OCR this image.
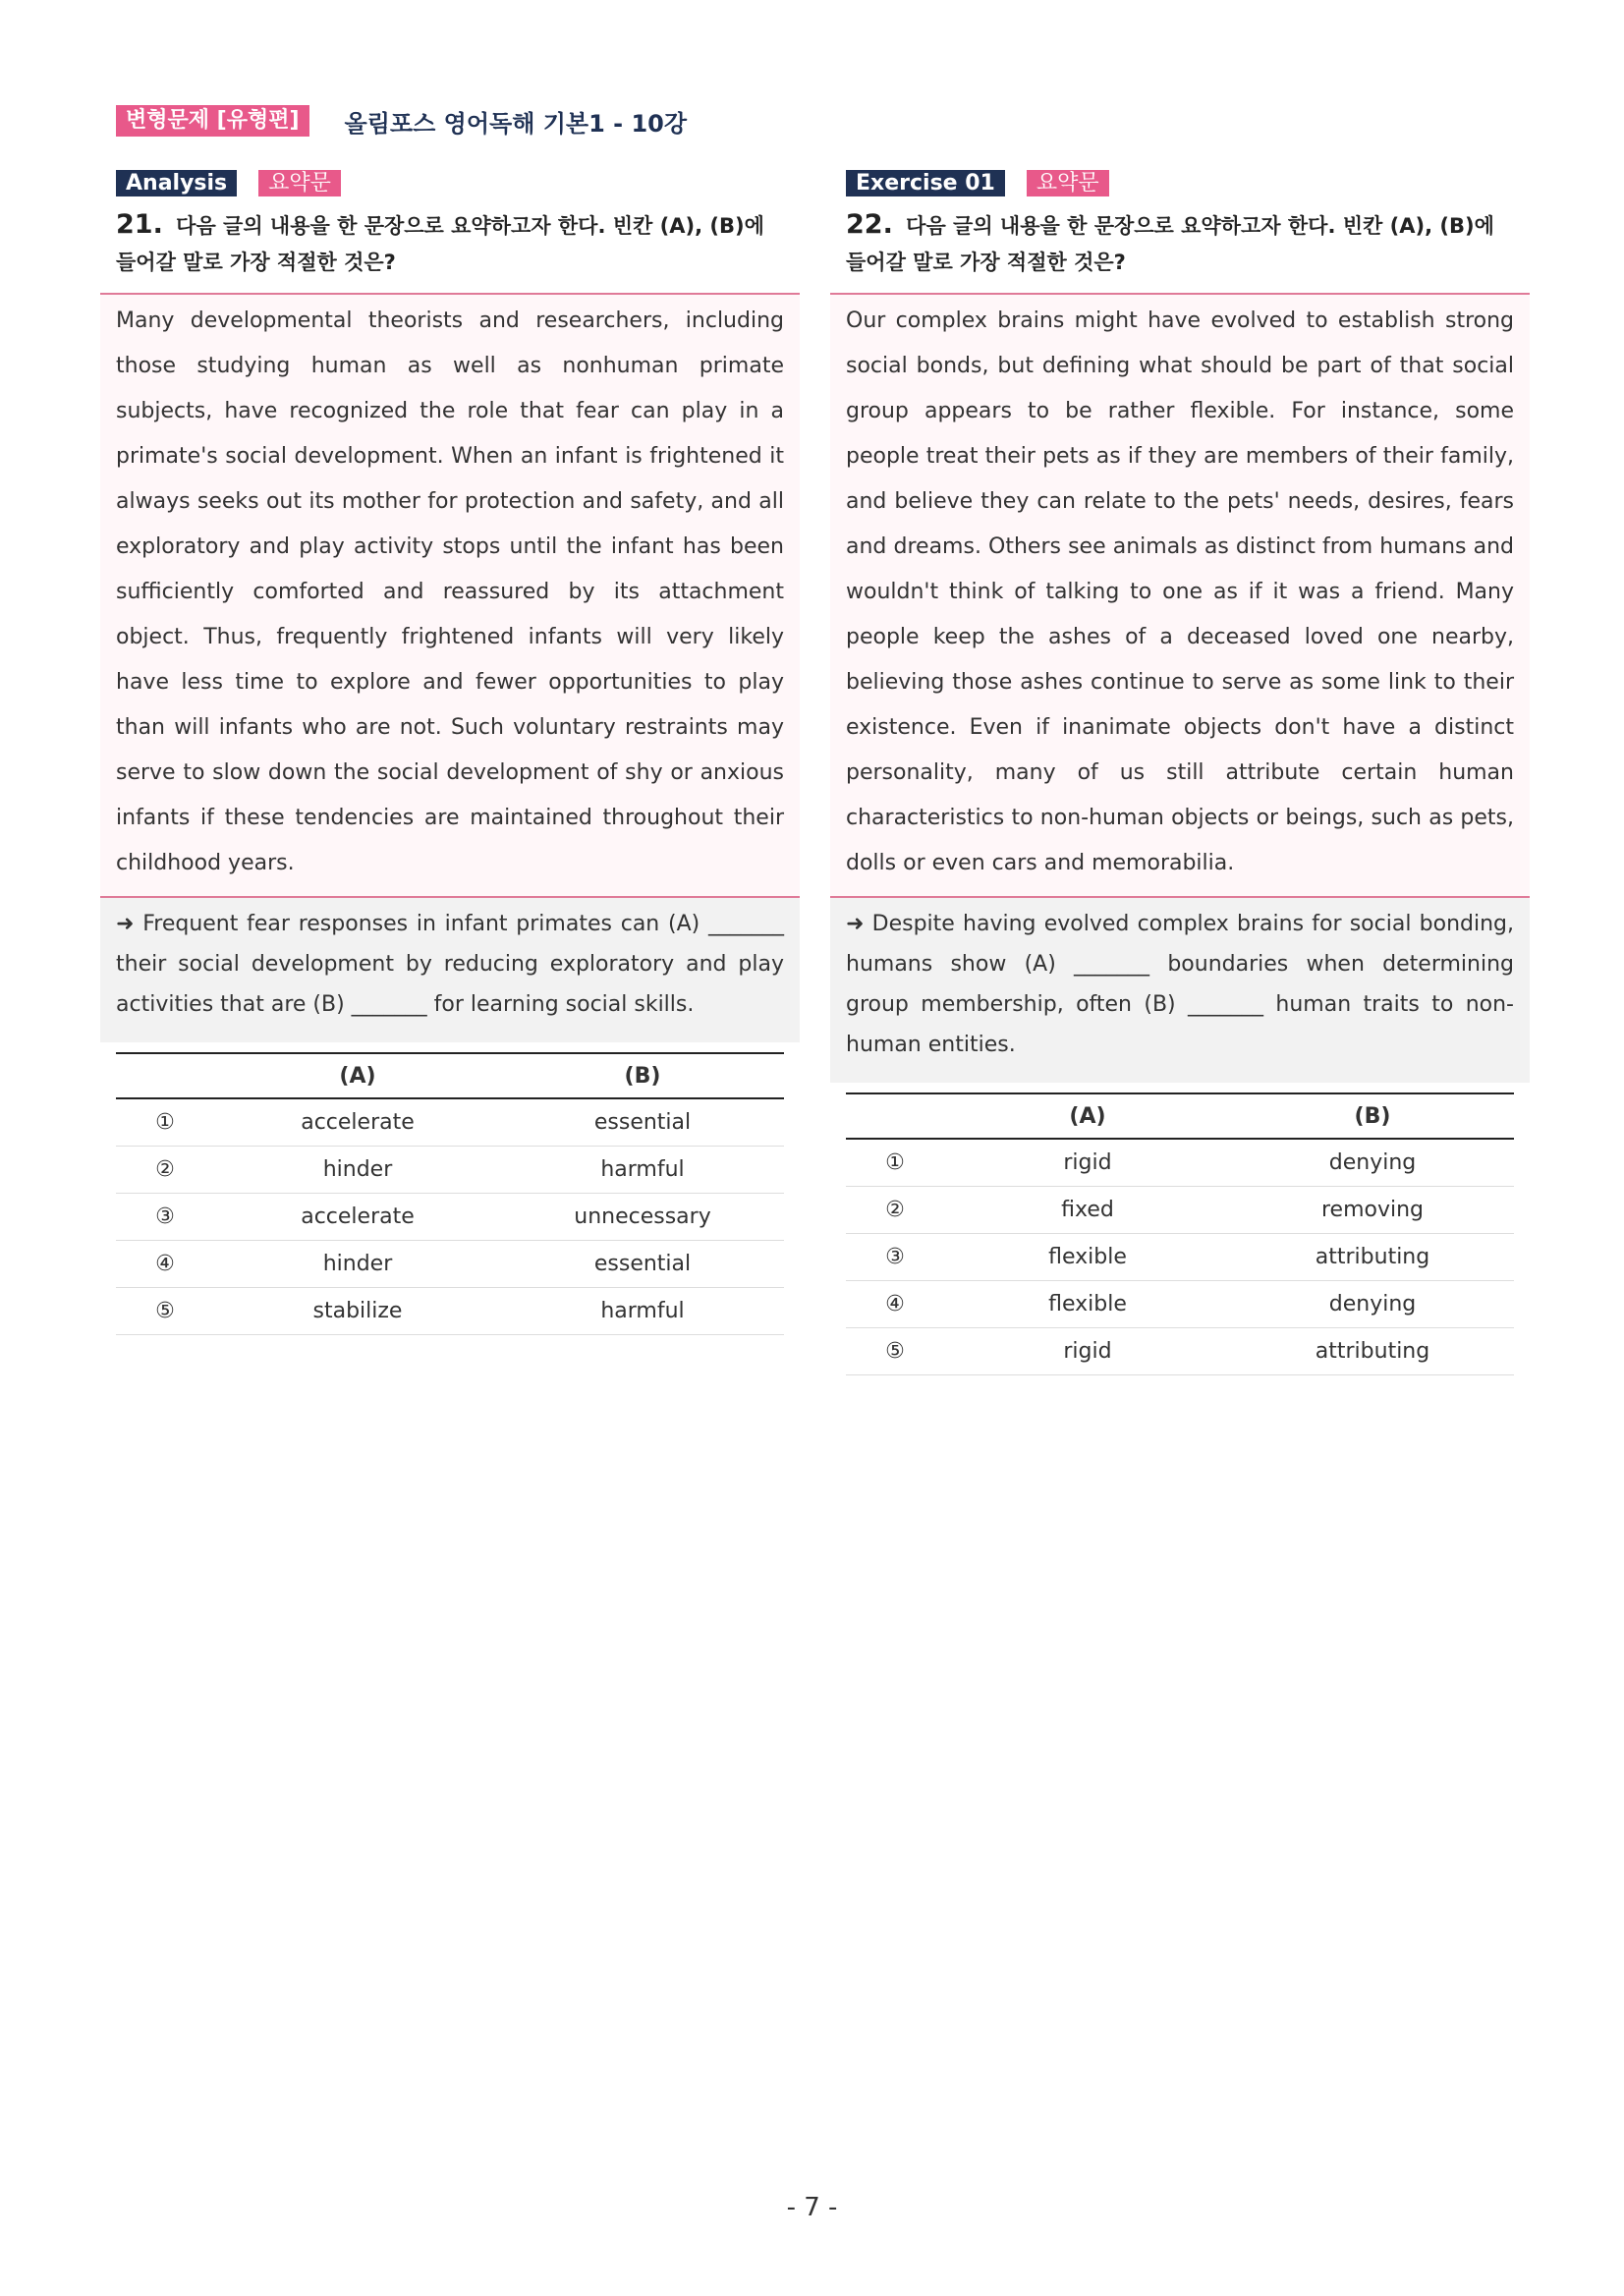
변형문제 [유형편]	올림포스 영어독해 기본1 - 10강
Analysis	요약문
21. 다음 글의 내용을 한 문장으로 요약하고자 한다. 빈칸 (A), (B)에 들어갈 말로 가장 적절한 것은?
Many developmental theorists and researchers, including those studying human as well as nonhuman primate subjects, have recognized the role that fear can play in a primate's social development. When an infant is frightened it always seeks out its mother for protection and safety, and all exploratory and play activity stops until the infant has been sufficiently comforted and reassured by its attachment object. Thus, frequently frightened infants will very likely have less time to explore and fewer opportunities to play than will infants who are not. Such voluntary restraints may serve to slow down the social development of shy or anxious infants if these tendencies are maintained throughout their childhood years.
➜ Frequent fear responses in infant primates can (A) _______ their social development by reducing exploratory and play activities that are (B) _______ for learning social skills.
	(A)	(B)
①	accelerate	essential
②	hinder	harmful
③	accelerate	unnecessary
④	hinder	essential
⑤	stabilize	harmful
Exercise 01	요약문
22. 다음 글의 내용을 한 문장으로 요약하고자 한다. 빈칸 (A), (B)에 들어갈 말로 가장 적절한 것은?
Our complex brains might have evolved to establish strong social bonds, but defining what should be part of that social group appears to be rather flexible. For instance, some people treat their pets as if they are members of their family, and believe they can relate to the pets' needs, desires, fears and dreams. Others see animals as distinct from humans and wouldn't think of talking to one as if it was a friend. Many people keep the ashes of a deceased loved one nearby, believing those ashes continue to serve as some link to their existence. Even if inanimate objects don't have a distinct personality, many of us still attribute certain human characteristics to non-human objects or beings, such as pets, dolls or even cars and memorabilia.
➜ Despite having evolved complex brains for social bonding, humans show (A) _______ boundaries when determining group membership, often (B) _______ human traits to non-human entities.
	(A)	(B)
①	rigid	denying
②	fixed	removing
③	flexible	attributing
④	flexible	denying
⑤	rigid	attributing
- 7 -
